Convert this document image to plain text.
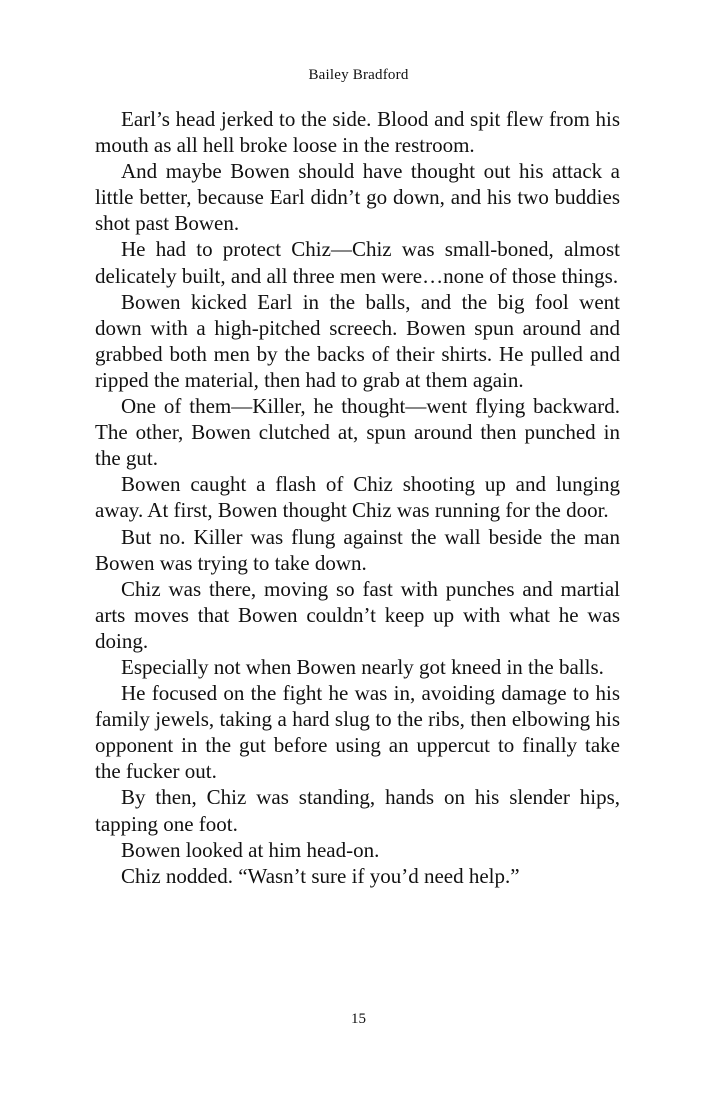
Bailey Bradford

Earl’s head jerked to the side. Blood and spit flew from his mouth as all hell broke loose in the restroom.

And maybe Bowen should have thought out his attack a little better, because Earl didn’t go down, and his two buddies shot past Bowen.

He had to protect Chiz—Chiz was small-boned, almost delicately built, and all three men were…none of those things.

Bowen kicked Earl in the balls, and the big fool went down with a high-pitched screech. Bowen spun around and grabbed both men by the backs of their shirts. He pulled and ripped the material, then had to grab at them again.

One of them—Killer, he thought—went flying backward. The other, Bowen clutched at, spun around then punched in the gut.

Bowen caught a flash of Chiz shooting up and lunging away. At first, Bowen thought Chiz was running for the door.

But no. Killer was flung against the wall beside the man Bowen was trying to take down.

Chiz was there, moving so fast with punches and martial arts moves that Bowen couldn’t keep up with what he was doing.

Especially not when Bowen nearly got kneed in the balls.

He focused on the fight he was in, avoiding damage to his family jewels, taking a hard slug to the ribs, then elbowing his opponent in the gut before using an uppercut to finally take the fucker out.

By then, Chiz was standing, hands on his slender hips, tapping one foot.

Bowen looked at him head-on.

Chiz nodded. “Wasn’t sure if you’d need help.”

15
